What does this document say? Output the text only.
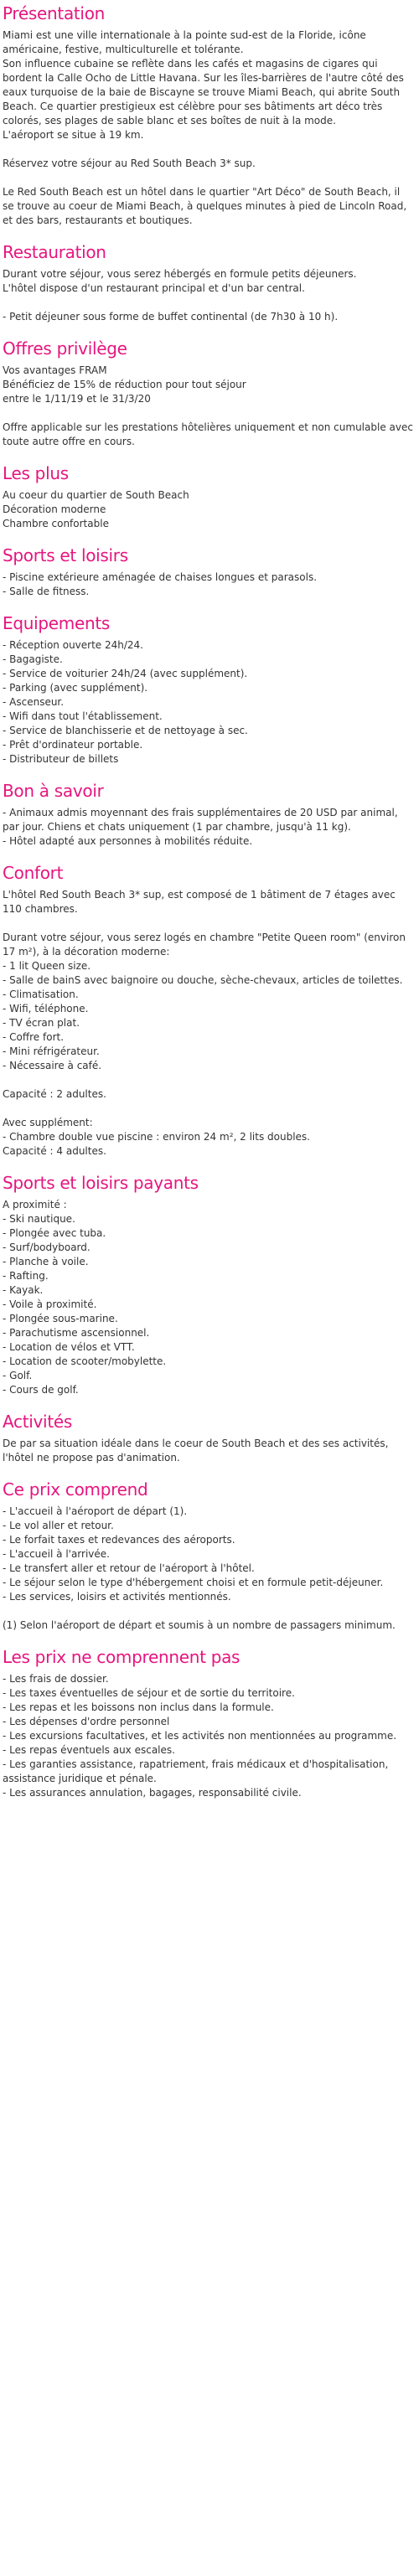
Présentation
Miami est une ville internationale à la pointe sud-est de la Floride, icône américaine, festive, multiculturelle et tolérante.
Son influence cubaine se reflète dans les cafés et magasins de cigares qui bordent la Calle Ocho de Little Havana. Sur les îles-barrières de l'autre côté des eaux turquoise de la baie de Biscayne se trouve Miami Beach, qui abrite South Beach. Ce quartier prestigieux est célèbre pour ses bâtiments art déco très colorés, ses plages de sable blanc et ses boîtes de nuit à la mode.
L'aéroport se situe à 19 km.
Réservez votre séjour au Red South Beach 3* sup.
Le Red South Beach est un hôtel dans le quartier "Art Déco" de South Beach, il se trouve au coeur de Miami Beach, à quelques minutes à pied de Lincoln Road, et des bars, restaurants et boutiques.
Restauration
Durant votre séjour, vous serez hébergés en formule petits déjeuners.
L'hôtel dispose d'un restaurant principal et d'un bar central.
- Petit déjeuner sous forme de buffet continental (de 7h30 à 10 h).
Offres privilège
Vos avantages FRAM
Bénéficiez de 15% de réduction pour tout séjour
entre le 1/11/19 et le 31/3/20
Offre applicable sur les prestations hôtelières uniquement et non cumulable avec toute autre offre en cours.
Les plus
Au coeur du quartier de South Beach
Décoration moderne
Chambre confortable
Sports et loisirs
- Piscine extérieure aménagée de chaises longues et parasols.
- Salle de fitness.
Equipements
- Réception ouverte 24h/24.
- Bagagiste.
- Service de voiturier 24h/24 (avec supplément).
- Parking (avec supplément).
- Ascenseur.
- Wifi dans tout l'établissement.
- Service de blanchisserie et de nettoyage à sec.
- Prêt d'ordinateur portable.
- Distributeur de billets
Bon à savoir
- Animaux admis moyennant des frais supplémentaires de 20 USD par animal, par jour. Chiens et chats uniquement (1 par chambre, jusqu'à 11 kg).
- Hôtel adapté aux personnes à mobilités réduite.
Confort
L'hôtel Red South Beach 3* sup, est composé de 1 bâtiment de 7 étages avec 110 chambres.
Durant votre séjour, vous serez logés en chambre "Petite Queen room" (environ 17 m²), à la décoration moderne:
- 1 lit Queen size.
- Salle de bainS avec baignoire ou douche, sèche-chevaux, articles de toilettes.
- Climatisation.
- Wifi, téléphone.
- TV écran plat.
- Coffre fort.
- Mini réfrigérateur.
- Nécessaire à café.
Capacité : 2 adultes.
Avec supplément:
- Chambre double vue piscine : environ 24 m², 2 lits doubles.
Capacité : 4 adultes.
Sports et loisirs payants
A proximité :
- Ski nautique.
- Plongée avec tuba.
- Surf/bodyboard.
- Planche à voile.
- Rafting.
- Kayak.
- Voile à proximité.
- Plongée sous-marine.
- Parachutisme ascensionnel.
- Location de vélos et VTT.
- Location de scooter/mobylette.
- Golf.
- Cours de golf.
Activités
De par sa situation idéale dans le coeur de South Beach et des ses activités, l'hôtel ne propose pas d'animation.
Ce prix comprend
- L'accueil à l'aéroport de départ (1).
- Le vol aller et retour.
- Le forfait taxes et redevances des aéroports.
- L'accueil à l'arrivée.
- Le transfert aller et retour de l'aéroport à l'hôtel.
- Le séjour selon le type d'hébergement choisi et en formule petit-déjeuner.
- Les services, loisirs et activités mentionnés.
(1) Selon l'aéroport de départ et soumis à un nombre de passagers minimum.
Les prix ne comprennent pas
- Les frais de dossier.
- Les taxes éventuelles de séjour et de sortie du territoire.
- Les repas et les boissons non inclus dans la formule.
- Les dépenses d'ordre personnel
- Les excursions facultatives, et les activités non mentionnées au programme.
- Les repas éventuels aux escales.
- Les garanties assistance, rapatriement, frais médicaux et d'hospitalisation, assistance juridique et pénale.
- Les assurances annulation, bagages, responsabilité civile.
